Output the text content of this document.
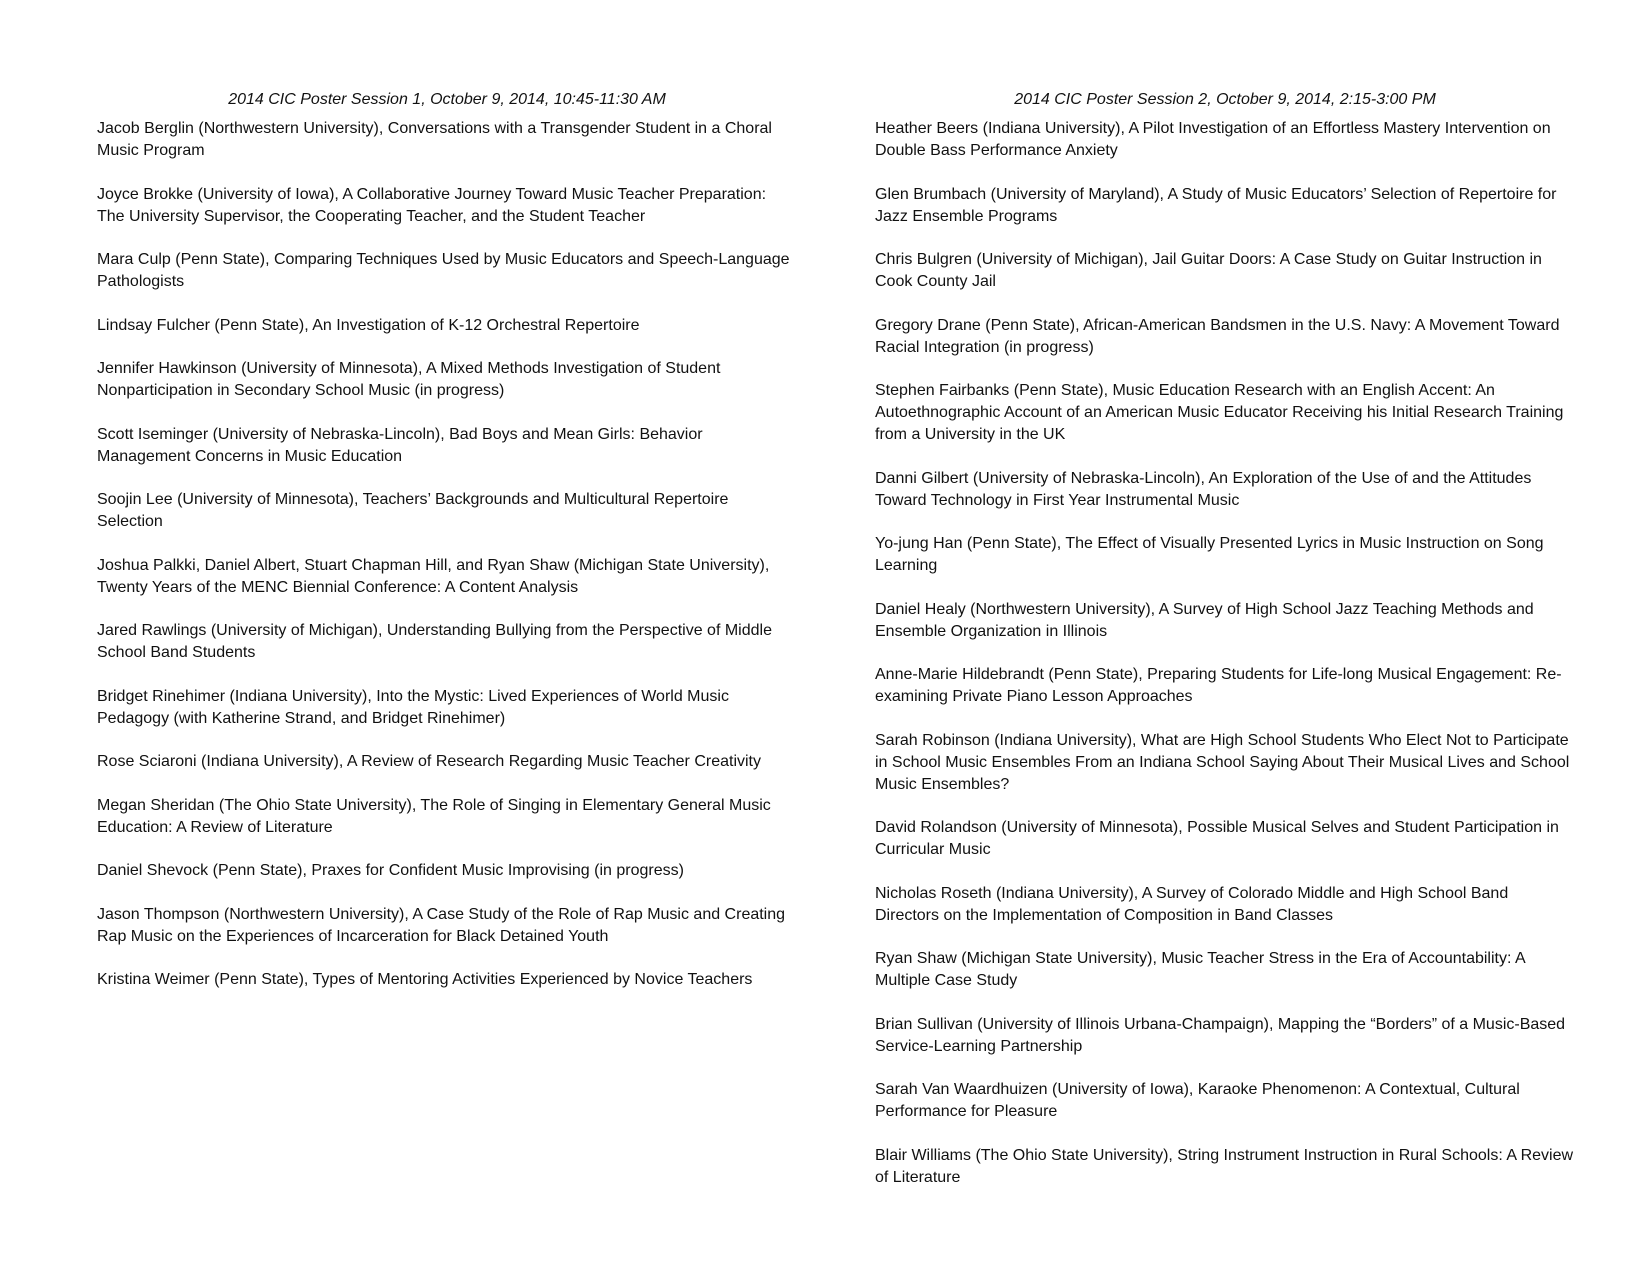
2014 CIC Poster Session 1, October 9, 2014, 10:45-11:30 AM
Jacob Berglin (Northwestern University), Conversations with a Transgender Student in a Choral Music Program
Joyce Brokke (University of Iowa), A Collaborative Journey Toward Music Teacher Preparation: The University Supervisor, the Cooperating Teacher, and the Student Teacher
Mara Culp (Penn State), Comparing Techniques Used by Music Educators and Speech-Language Pathologists
Lindsay Fulcher (Penn State), An Investigation of K-12 Orchestral Repertoire
Jennifer Hawkinson (University of Minnesota), A Mixed Methods Investigation of Student Nonparticipation in Secondary School Music (in progress)
Scott Iseminger (University of Nebraska-Lincoln), Bad Boys and Mean Girls: Behavior Management Concerns in Music Education
Soojin Lee (University of Minnesota), Teachers’ Backgrounds and Multicultural Repertoire Selection
Joshua Palkki, Daniel Albert, Stuart Chapman Hill, and Ryan Shaw (Michigan State University), Twenty Years of the MENC Biennial Conference: A Content Analysis
Jared Rawlings (University of Michigan), Understanding Bullying from the Perspective of Middle School Band Students
Bridget Rinehimer (Indiana University), Into the Mystic: Lived Experiences of World Music Pedagogy (with Katherine Strand, and Bridget Rinehimer)
Rose Sciaroni (Indiana University), A Review of Research Regarding Music Teacher Creativity
Megan Sheridan (The Ohio State University), The Role of Singing in Elementary General Music Education: A Review of Literature
Daniel Shevock (Penn State), Praxes for Confident Music Improvising (in progress)
Jason Thompson (Northwestern University), A Case Study of the Role of Rap Music and Creating Rap Music on the Experiences of Incarceration for Black Detained Youth
Kristina Weimer (Penn State), Types of Mentoring Activities Experienced by Novice Teachers
2014 CIC Poster Session 2, October 9, 2014, 2:15-3:00 PM
Heather Beers (Indiana University), A Pilot Investigation of an Effortless Mastery Intervention on Double Bass Performance Anxiety
Glen Brumbach (University of Maryland), A Study of Music Educators’ Selection of Repertoire for Jazz Ensemble Programs
Chris Bulgren (University of Michigan), Jail Guitar Doors: A Case Study on Guitar Instruction in Cook County Jail
Gregory Drane (Penn State), African-American Bandsmen in the U.S. Navy: A Movement Toward Racial Integration (in progress)
Stephen Fairbanks (Penn State), Music Education Research with an English Accent: An Autoethnographic Account of an American Music Educator Receiving his Initial Research Training from a University in the UK
Danni Gilbert (University of Nebraska-Lincoln), An Exploration of the Use of and the Attitudes Toward Technology in First Year Instrumental Music
Yo-jung Han (Penn State), The Effect of Visually Presented Lyrics in Music Instruction on Song Learning
Daniel Healy (Northwestern University), A Survey of High School Jazz Teaching Methods and Ensemble Organization in Illinois
Anne-Marie Hildebrandt (Penn State), Preparing Students for Life-long Musical Engagement: Re-examining Private Piano Lesson Approaches
Sarah Robinson (Indiana University), What are High School Students Who Elect Not to Participate in School Music Ensembles From an Indiana School Saying About Their Musical Lives and School Music Ensembles?
David Rolandson (University of Minnesota), Possible Musical Selves and Student Participation in Curricular Music
Nicholas Roseth (Indiana University), A Survey of Colorado Middle and High School Band Directors on the Implementation of Composition in Band Classes
Ryan Shaw (Michigan State University), Music Teacher Stress in the Era of Accountability: A Multiple Case Study
Brian Sullivan (University of Illinois Urbana-Champaign), Mapping the “Borders” of a Music-Based Service-Learning Partnership
Sarah Van Waardhuizen (University of Iowa), Karaoke Phenomenon: A Contextual, Cultural Performance for Pleasure
Blair Williams (The Ohio State University), String Instrument Instruction in Rural Schools: A Review of Literature
